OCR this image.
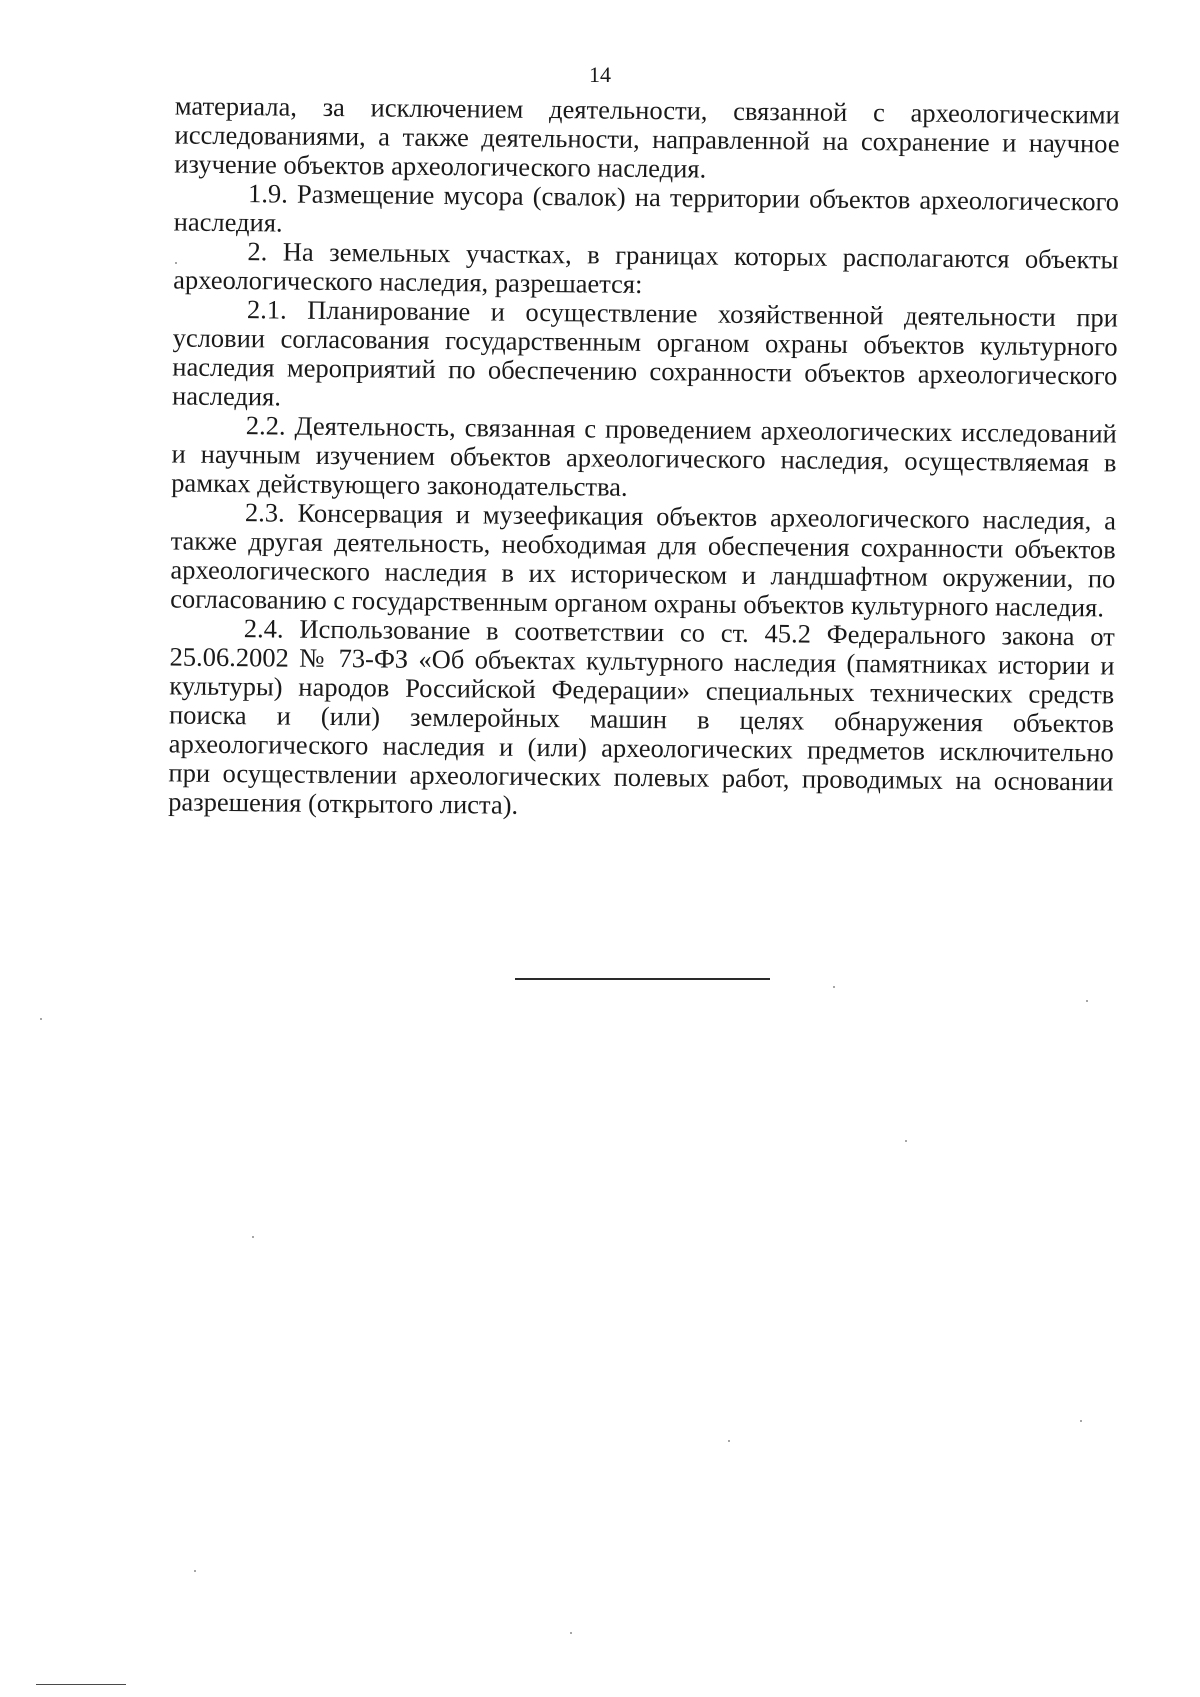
14

материала, за исключением деятельности, связанной с археологическими исследованиями, а также деятельности, направленной на сохранение и научное изучение объектов археологического наследия.

1.9. Размещение мусора (свалок) на территории объектов археологического наследия.

2. На земельных участках, в границах которых располагаются объекты археологического наследия, разрешается:

2.1. Планирование и осуществление хозяйственной деятельности при условии согласования государственным органом охраны объектов культурного наследия мероприятий по обеспечению сохранности объектов археологического наследия.

2.2. Деятельность, связанная с проведением археологических исследований и научным изучением объектов археологического наследия, осуществляемая в рамках действующего законодательства.

2.3. Консервация и музеефикация объектов археологического наследия, а также другая деятельность, необходимая для обеспечения сохранности объектов археологического наследия в их историческом и ландшафтном окружении, по согласованию с государственным органом охраны объектов культурного наследия.

2.4. Использование в соответствии со ст. 45.2 Федерального закона от 25.06.2002 № 73-ФЗ «Об объектах культурного наследия (памятниках истории и культуры) народов Российской Федерации» специальных технических средств поиска и (или) землеройных машин в целях обнаружения объектов археологического наследия и (или) археологических предметов исключительно при осуществлении археологических полевых работ, проводимых на основании разрешения (открытого листа).
